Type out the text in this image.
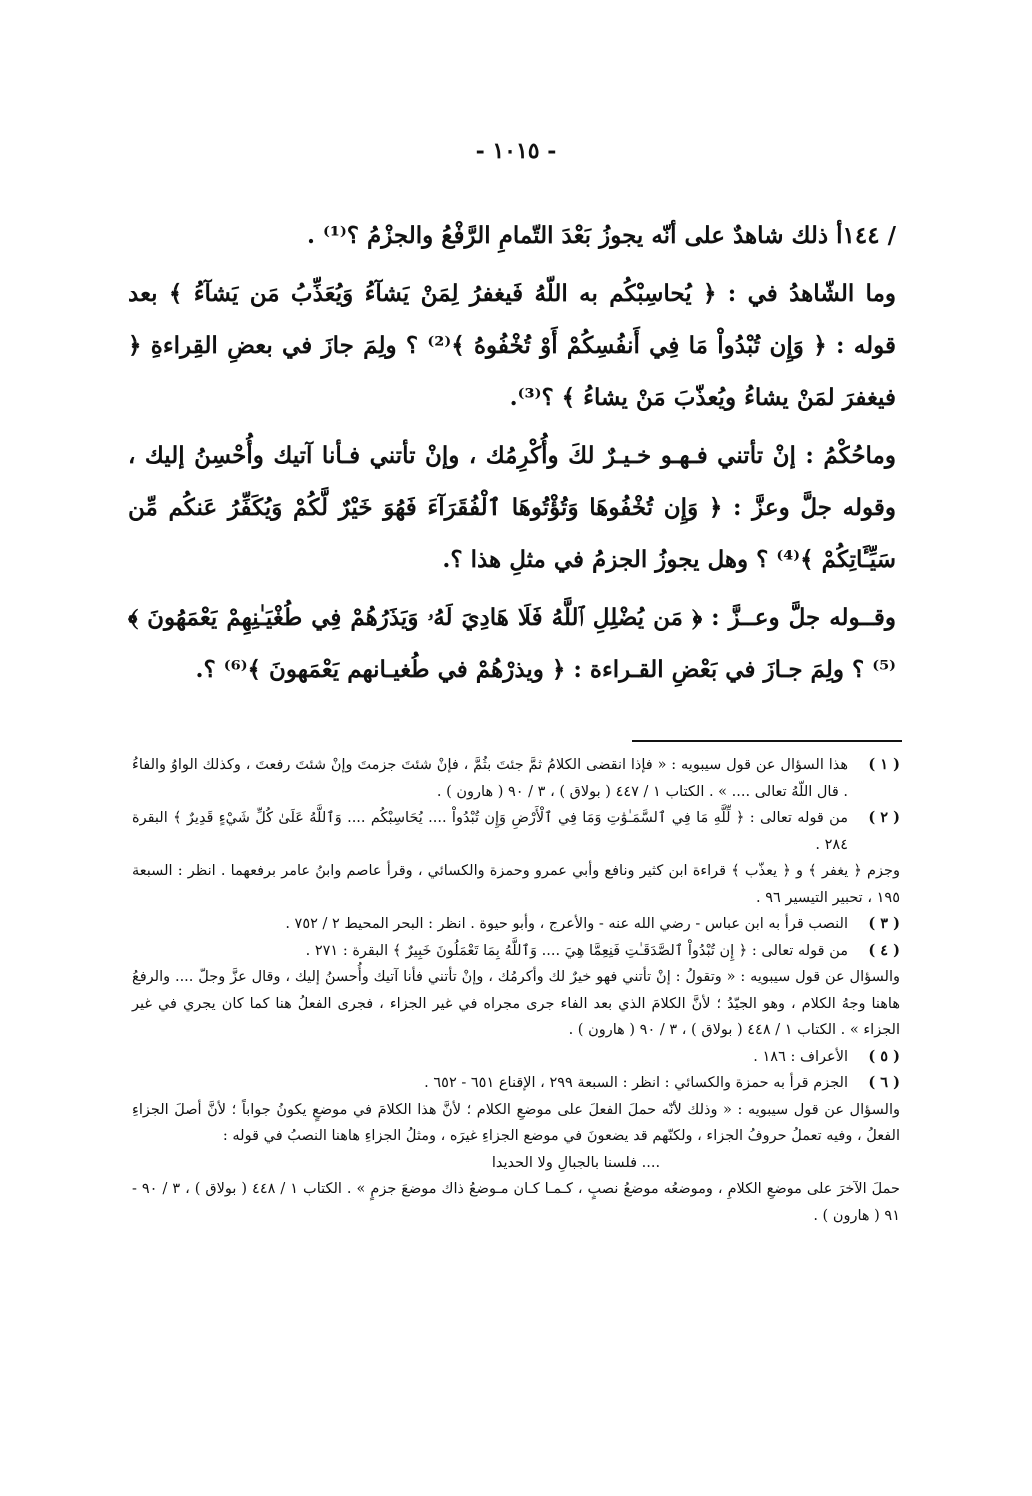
- ١٠١٥ -

/ ١٤٤أ ذلك شاهدٌ على أنّه يجوزُ بَعْدَ التّمامِ الرَّفْعُ والجزْمُ ؟⁽¹⁾ .

وما الشّاهدُ في : ﴿ يُحاسِبْكُم به اللّهُ فَيغفرُ لِمَنْ يَشآءُ وَيُعَذِّبُ مَن يَشآءُ ﴾ بعد قوله : ﴿ وَإِن تُبْدُواْ مَا فِي أَنفُسِكُمْ أَوْ تُخْفُوهُ ﴾⁽²⁾ ؟ ولِمَ جازَ في بعضِ القِراءةِ ﴿ فيغفرَ لمَنْ يشاءُ ويُعذّبَ مَنْ يشاءُ ﴾ ؟⁽³⁾.

وماحُكْمُ : إنْ تأتني فـهـو خـيـرٌ لكَ وأُكْرِمُك ، وإنْ تأتني فـأنا آتيك وأُحْسِنُ إليك ، وقوله جلَّ وعزَّ : ﴿ وَإِن تُخْفُوهَا وَتُؤْتُوهَا ٱلْفُقَرَآءَ فَهُوَ خَيْرٌ لَّكُمْ وَيُكَفِّرُ عَنكُم مِّن سَيِّـَٔاتِكُمْ ﴾⁽⁴⁾ ؟ وهل يجوزُ الجزمُ في مثلِ هذا ؟.

وقــوله جلَّ وعــزَّ : ﴿ مَن يُضْلِلِ ٱللَّهُ فَلَا هَادِيَ لَهُۥ وَيَذَرُهُمْ فِي طُغْيَـٰنِهِمْ يَعْمَهُونَ ﴾⁽⁵⁾ ؟ ولِمَ جـازَ في بَعْضِ القـراءة : ﴿ ويذرْهُمْ في طُغيـانهم يَعْمَهونَ ﴾⁽⁶⁾ ؟.

( ١ )
هذا السؤال عن قول سيبويه : « فإذا انقضى الكلامُ ثمَّ جئتَ بثُمَّ ، فإنْ شئتَ جزمتَ وإنْ شئتَ رفعتَ ، وكذلك الواوُ والفاءُ . قال اللّهُ تعالى .... » . الكتاب ١ / ٤٤٧ ( بولاق ) ، ٣ / ٩٠ ( هارون ) .
( ٢ )
من قوله تعالى : ﴿ لِّلَّهِ مَا فِي ٱلسَّمَـٰوَٰتِ وَمَا فِي ٱلْأَرْضِ وَإِن تُبْدُواْ .... يُحَاسِبْكُم .... وَٱللَّهُ عَلَىٰ كُلِّ شَيْءٍ قَدِيرٌ ﴾ البقرة ٢٨٤ .
وجزم ﴿ يغفر ﴾ و ﴿ يعذّب ﴾ قراءة ابن كثير ونافع وأبي عمرو وحمزة والكسائي ، وقرأ عاصم وابنُ عامر برفعهما . انظر : السبعة ١٩٥ ، تحبير التيسير ٩٦ .
( ٣ )
النصب قرأ به ابن عباس - رضي الله عنه - والأعرج ، وأبو حيوة . انظر : البحر المحيط ٢ / ٧٥٢ .
( ٤ )
من قوله تعالى : ﴿ إِن تُبْدُواْ ٱلصَّدَقَـٰتِ فَنِعِمَّا هِيَ .... وَٱللَّهُ بِمَا تَعْمَلُونَ خَبِيرٌ ﴾ البقرة : ٢٧١ .
والسؤال عن قول سيبويه : « وتقولُ : إنْ تأتني فهو خيرٌ لك وأكرمُك ، وإنْ تأتني فأنا آتيك وأُحسنُ إليك ، وقال عزَّ وجلّ .... والرفعُ هاهنا وجهُ الكلام ، وهو الجيّدُ ؛ لأنَّ الكلامَ الذي بعد الفاء جرى مجراه في غير الجزاء ، فجرى الفعلُ هنا كما كان يجري في غير الجزاء » . الكتاب ١ / ٤٤٨ ( بولاق ) ، ٣ / ٩٠ ( هارون ) .
( ٥ )
الأعراف : ١٨٦ .
( ٦ )
الجزم قرأ به حمزة والكسائي : انظر : السبعة ٢٩٩ ، الإقناع ٦٥١ - ٦٥٢ .
والسؤال عن قول سيبويه : « وذلك لأنّه حملَ الفعلَ على موضعِ الكلام ؛ لأنَّ هذا الكلامَ في موضعٍ يكونُ جواباً ؛ لأنَّ أصلَ الجزاءِ الفعلُ ، وفيه تعملُ حروفُ الجزاء ، ولكنّهم قد يضعونَ في موضع الجزاءِ غيرَه ، ومثلُ الجزاءِ هاهنا النصبُ في قوله :
.... فلسنا بالجبالِ ولا الحديدا
حملَ الآخرَ على موضعِ الكلامِ ، وموضعُه موضعُ نصبٍ ، كـمـا كـان مـوضعُ ذاك موضعَ جزمٍ » . الكتاب ١ / ٤٤٨ ( بولاق ) ، ٣ / ٩٠ - ٩١ ( هارون ) .
